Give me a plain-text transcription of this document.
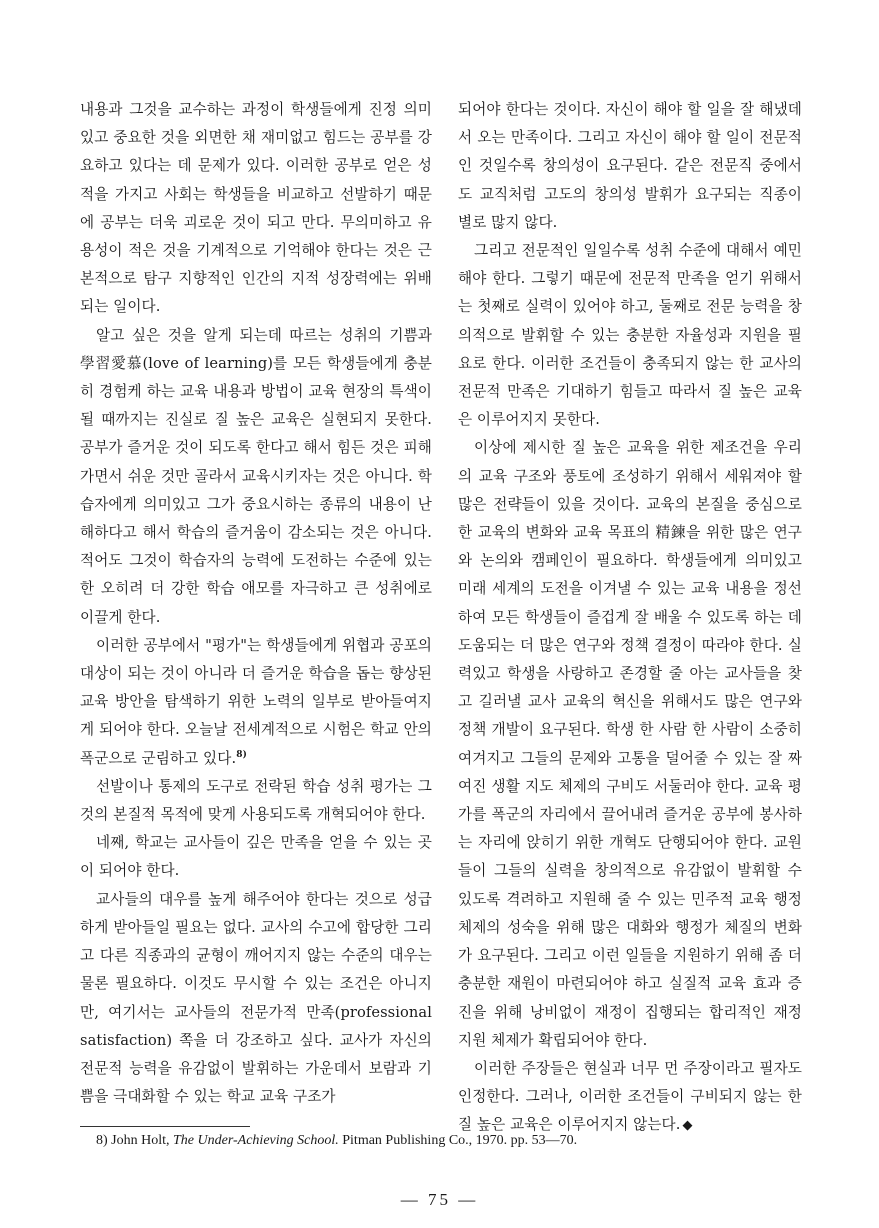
내용과 그것을 교수하는 과정이 학생들에게 진정 의미있고 중요한 것을 외면한 채 재미없고 힘드는 공부를 강요하고 있다는 데 문제가 있다. 이러한 공부로 얻은 성적을 가지고 사회는 학생들을 비교하고 선발하기 때문에 공부는 더욱 괴로운 것이 되고 만다. 무의미하고 유용성이 적은 것을 기계적으로 기억해야 한다는 것은 근본적으로 탐구 지향적인 인간의 지적 성장력에는 위배되는 일이다.

알고 싶은 것을 알게 되는데 따르는 성취의 기쁨과 學習愛慕(love of learning)를 모든 학생들에게 충분히 경험케 하는 교육 내용과 방법이 교육 현장의 특색이 될 때까지는 진실로 질 높은 교육은 실현되지 못한다. 공부가 즐거운 것이 되도록 한다고 해서 힘든 것은 피해 가면서 쉬운 것만 골라서 교육시키자는 것은 아니다. 학습자에게 의미있고 그가 중요시하는 종류의 내용이 난해하다고 해서 학습의 즐거움이 감소되는 것은 아니다. 적어도 그것이 학습자의 능력에 도전하는 수준에 있는 한 오히려 더 강한 학습 애모를 자극하고 큰 성취에로 이끌게 한다.

이러한 공부에서 "평가"는 학생들에게 위협과 공포의 대상이 되는 것이 아니라 더 즐거운 학습을 돕는 향상된 교육 방안을 탐색하기 위한 노력의 일부로 받아들여지게 되어야 한다. 오늘날 전세계적으로 시험은 학교 안의 폭군으로 군림하고 있다.$^{8)}$

선발이나 통제의 도구로 전락된 학습 성취 평가는 그것의 본질적 목적에 맞게 사용되도록 개혁되어야 한다.

네째, 학교는 교사들이 깊은 만족을 얻을 수 있는 곳이 되어야 한다.

교사들의 대우를 높게 해주어야 한다는 것으로 성급하게 받아들일 필요는 없다. 교사의 수고에 합당한 그리고 다른 직종과의 균형이 깨어지지 않는 수준의 대우는 물론 필요하다. 이것도 무시할 수 있는 조건은 아니지만, 여기서는 교사들의 전문가적 만족(professional satisfaction) 쪽을 더 강조하고 싶다. 교사가 자신의 전문적 능력을 유감없이 발휘하는 가운데서 보람과 기쁨을 극대화할 수 있는 학교 교육 구조가

되어야 한다는 것이다. 자신이 해야 할 일을 잘 해냈데서 오는 만족이다. 그리고 자신이 해야 할 일이 전문적인 것일수록 창의성이 요구된다. 같은 전문직 중에서도 교직처럼 고도의 창의성 발휘가 요구되는 직종이 별로 많지 않다.

그리고 전문적인 일일수록 성취 수준에 대해서 예민해야 한다. 그렇기 때문에 전문적 만족을 얻기 위해서는 첫째로 실력이 있어야 하고, 둘째로 전문 능력을 창의적으로 발휘할 수 있는 충분한 자율성과 지원을 필요로 한다. 이러한 조건들이 충족되지 않는 한 교사의 전문적 만족은 기대하기 힘들고 따라서 질 높은 교육은 이루어지지 못한다.

이상에 제시한 질 높은 교육을 위한 제조건을 우리의 교육 구조와 풍토에 조성하기 위해서 세워져야 할 많은 전략들이 있을 것이다. 교육의 본질을 중심으로 한 교육의 변화와 교육 목표의 精鍊을 위한 많은 연구와 논의와 캠페인이 필요하다. 학생들에게 의미있고 미래 세계의 도전을 이겨낼 수 있는 교육 내용을 정선하여 모든 학생들이 즐겁게 잘 배울 수 있도록 하는 데 도움되는 더 많은 연구와 정책 결정이 따라야 한다. 실력있고 학생을 사랑하고 존경할 줄 아는 교사들을 찾고 길러낼 교사 교육의 혁신을 위해서도 많은 연구와 정책 개발이 요구된다. 학생 한 사람 한 사람이 소중히 여겨지고 그들의 문제와 고통을 덜어줄 수 있는 잘 짜여진 생활 지도 체제의 구비도 서둘러야 한다. 교육 평가를 폭군의 자리에서 끌어내려 즐거운 공부에 봉사하는 자리에 앉히기 위한 개혁도 단행되어야 한다. 교원들이 그들의 실력을 창의적으로 유감없이 발휘할 수 있도록 격려하고 지원해 줄 수 있는 민주적 교육 행정 체제의 성숙을 위해 많은 대화와 행정가 체질의 변화가 요구된다. 그리고 이런 일들을 지원하기 위해 좀 더 충분한 재원이 마련되어야 하고 실질적 교육 효과 증진을 위해 낭비없이 재정이 집행되는 합리적인 재정 지원 체제가 확립되어야 한다.

이러한 주장들은 현실과 너무 먼 주장이라고 필자도 인정한다. 그러나, 이러한 조건들이 구비되지 않는 한 질 높은 교육은 이루어지지 않는다. ◆

8) John Holt, The Under-Achieving School. Pitman Publishing Co., 1970. pp. 53—70.
— 75 —
